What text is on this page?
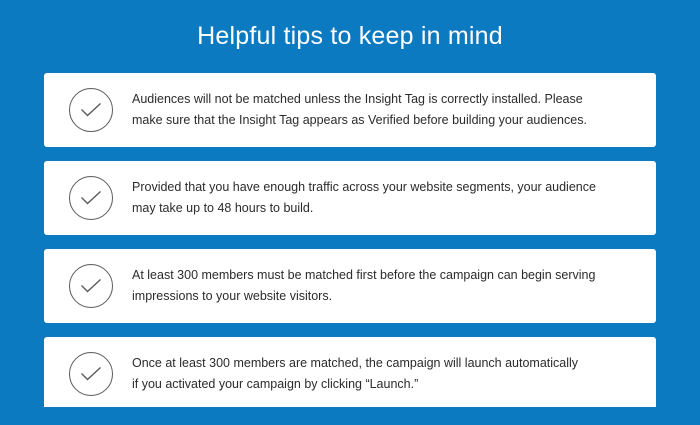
Helpful tips to keep in mind
Audiences will not be matched unless the Insight Tag is correctly installed. Please
make sure that the Insight Tag appears as Verified before building your audiences.
Provided that you have enough traffic across your website segments, your audience
may take up to 48 hours to build.
At least 300 members must be matched first before the campaign can begin serving
impressions to your website visitors.
Once at least 300 members are matched, the campaign will launch automatically
if you activated your campaign by clicking “Launch.”
